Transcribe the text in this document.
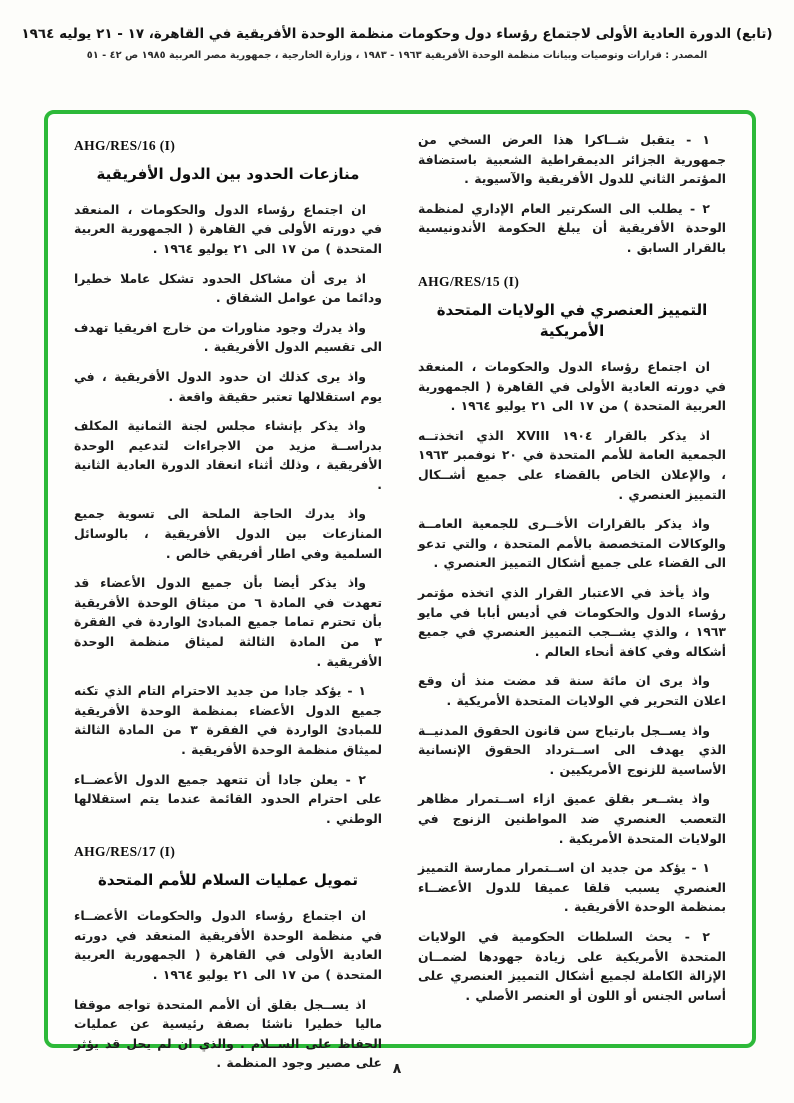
(تابع) الدورة العادية الأولى لاجتماع رؤساء دول وحكومات منظمة الوحدة الأفريقية في القاهرة، ١٧ - ٢١ يوليه ١٩٦٤
المصدر : قرارات وتوصيات وبيانات منظمة الوحدة الأفريقية ١٩٦٣ - ١٩٨٣ ، وزارة الخارجية ، جمهورية مصر العربية ١٩٨٥ ص ٤٢ - ٥١

١ - يتقبل شــاكرا هذا العرض السخي من جمهورية الجزائر الديمقراطية الشعبية باستضافة المؤتمر الثاني للدول الأفريقية والآسيوية .

٢ - يطلب الى السكرتير العام الإداري لمنظمة الوحدة الأفريقية أن يبلغ الحكومة الأندونيسية بالقرار السابق .

AHG/RES/15 (I)
التمييز العنصري في الولايات المتحدة الأمريكية

ان اجتماع رؤساء الدول والحكومات ، المنعقد في دورته العادية الأولى في القاهرة ( الجمهورية العربية المتحدة ) من ١٧ الى ٢١ يوليو ١٩٦٤ .

اذ يذكر بالقرار ١٩٠٤ XVIII الذي اتخذتــه الجمعية العامة للأمم المتحدة في ٢٠ نوفمبر ١٩٦٣ ، والإعلان الخاص بالقضاء على جميع أشــكال التمييز العنصري .

واذ يذكر بالقرارات الأخــرى للجمعية العامــة والوكالات المتخصصة بالأمم المتحدة ، والتي تدعو الى القضاء على جميع أشكال التمييز العنصري .

واذ يأخذ في الاعتبار القرار الذي اتخذه مؤتمر رؤساء الدول والحكومات في أديس أبابا في مايو ١٩٦٣ ، والذي يشــجب التمييز العنصري في جميع أشكاله وفي كافة أنحاء العالم .

واذ يرى ان مائة سنة قد مضت منذ أن وقع اعلان التحرير في الولايات المتحدة الأمريكية .

واذ يســجل بارتياح سن قانون الحقوق المدنيــة الذي يهدف الى اســترداد الحقوق الإنسانية الأساسية للزنوج الأمريكيين .

واذ يشــعر بقلق عميق ازاء اســتمرار مظاهر التعصب العنصري ضد المواطنين الزنوج في الولايات المتحدة الأمريكية .

١ - يؤكد من جديد ان اســتمرار ممارسة التمييز العنصري يسبب قلقا عميقا للدول الأعضــاء بمنظمة الوحدة الأفريقية .

٢ - يحث السلطات الحكومية في الولايات المتحدة الأمريكية على زيادة جهودها لضمــان الإزالة الكاملة لجميع أشكال التمييز العنصري على أساس الجنس أو اللون أو العنصر الأصلي .

AHG/RES/16 (I)
منازعات الحدود بين الدول الأفريقية

ان اجتماع رؤساء الدول والحكومات ، المنعقد في دورته الأولى في القاهرة ( الجمهورية العربية المتحدة ) من ١٧ الى ٢١ يوليو ١٩٦٤ .

اذ يرى أن مشاكل الحدود تشكل عاملا خطيرا ودائما من عوامل الشقاق .

واذ يدرك وجود مناورات من خارج افريقيا تهدف الى تقسيم الدول الأفريقية .

واذ يرى كذلك ان حدود الدول الأفريقية ، في يوم استقلالها تعتبر حقيقة واقعة .

واذ يذكر بإنشاء مجلس لجنة الثمانية المكلف بدراســة مزيد من الاجراءات لتدعيم الوحدة الأفريقية ، وذلك أثناء انعقاد الدورة العادية الثانية .

واذ يدرك الحاجة الملحة الى تسوية جميع المنازعات بين الدول الأفريقية ، بالوسائل السلمية وفي اطار أفريقي خالص .

واذ يذكر أيضا بأن جميع الدول الأعضاء قد تعهدت في المادة ٦ من ميثاق الوحدة الأفريقية بأن تحترم تماما جميع المبادئ الواردة في الفقرة ٣ من المادة الثالثة لميثاق منظمة الوحدة الأفريقية .

١ - يؤكد جادا من جديد الاحترام التام الذي تكنه جميع الدول الأعضاء بمنظمة الوحدة الأفريقية للمبادئ الواردة في الفقرة ٣ من المادة الثالثة لميثاق منظمة الوحدة الأفريقية .

٢ - يعلن جادا أن تتعهد جميع الدول الأعضــاء على احترام الحدود القائمة عندما يتم استقلالها الوطني .

AHG/RES/17 (I)
تمويل عمليات السلام للأمم المتحدة

ان اجتماع رؤساء الدول والحكومات الأعضــاء في منظمة الوحدة الأفريقية المنعقد في دورته العادية الأولى في القاهرة ( الجمهورية العربية المتحدة ) من ١٧ الى ٢١ يوليو ١٩٦٤ .

اذ يســجل بقلق أن الأمم المتحدة تواجه موقفا ماليا خطيرا ناشئا بصفة رئيسية عن عمليات الحفاظ على الســلام . والذي ان لم يحل قد يؤثر على مصير وجود المنظمة . ٨
